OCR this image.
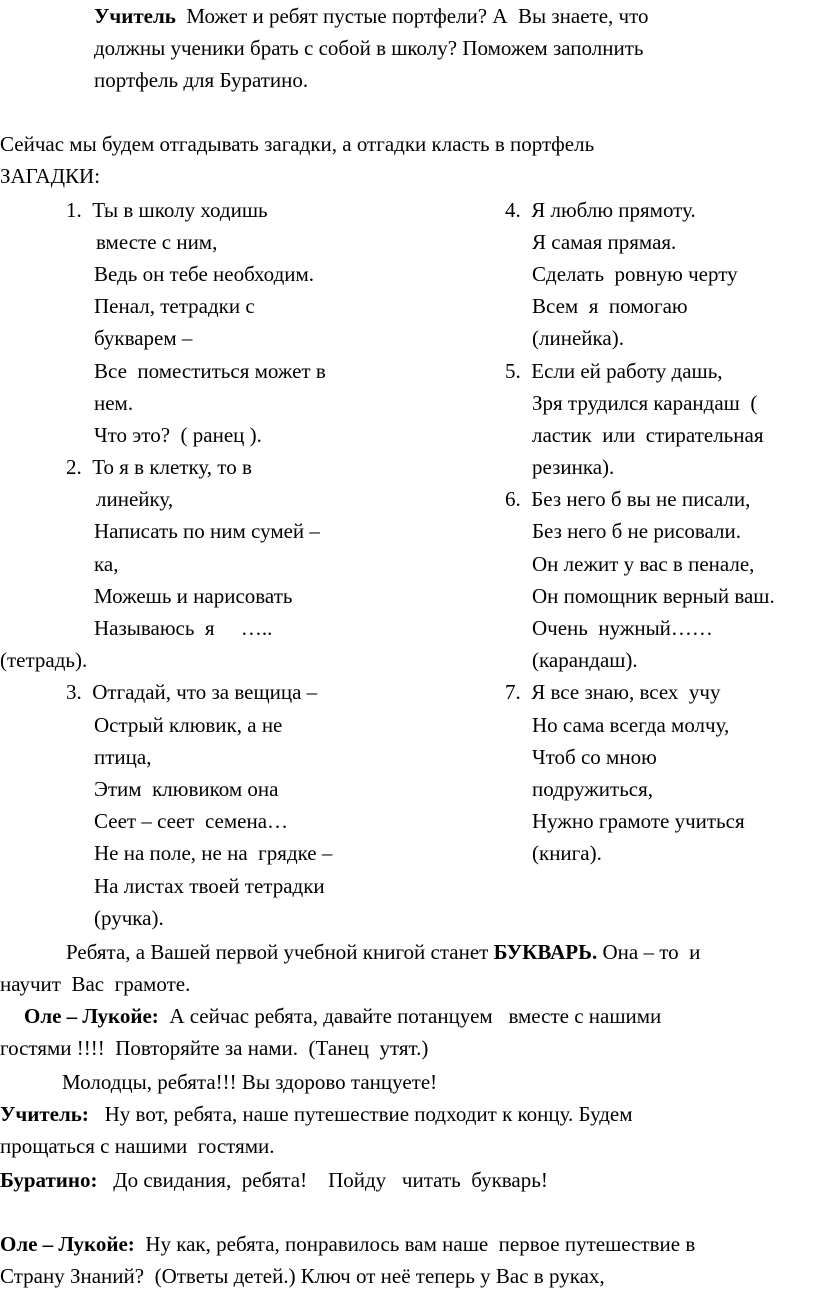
Учитель  Может и ребят пустые портфели? А  Вы знаете, что
должны ученики брать с собой в школу? Поможем заполнить
портфель для Буратино.
Сейчас мы будем отгадывать загадки, а отгадки класть в портфель
ЗАГАДКИ:
1.  Ты в школу ходишь
вместе с ним,
Ведь он тебе необходим.
Пенал, тетрадки с
букварем –
Все  поместиться может в
нем.
Что это?  ( ранец ).
2.  То я в клетку, то в
линейку,
Написать по ним сумей –
ка,
Можешь и нарисовать
Называюсь  я     …..
(тетрадь).
3.  Отгадай, что за вещица –
Острый клювик, а не
птица,
Этим  клювиком она
Сеет – сеет  семена…
Не на поле, не на  грядке –
На листах твоей тетрадки
(ручка).
4.  Я люблю прямоту.
Я самая прямая.
Сделать  ровную черту
Всем  я  помогаю
(линейка).
5.  Если ей работу дашь,
Зря трудился карандаш  (
ластик  или  стирательная
резинка).
6.  Без него б вы не писали,
Без него б не рисовали.
Он лежит у вас в пенале,
Он помощник верный ваш.
Очень  нужный……
(карандаш).
7.  Я все знаю, всех  учу
Но сама всегда молчу,
Чтоб со мною
подружиться,
Нужно грамоте учиться
(книга).
Ребята, а Вашей первой учебной книгой станет БУКВАРЬ. Она – то  и
научит  Вас  грамоте.
Оле – Лукойе:  А сейчас ребята, давайте потанцуем   вместе с нашими
гостями !!!!  Повторяйте за нами.  (Танец  утят.)
Молодцы, ребята!!! Вы здорово танцуете!
Учитель:   Ну вот, ребята, наше путешествие подходит к концу. Будем
прощаться с нашими  гостями.
Буратино:   До свидания,  ребята!    Пойду   читать  букварь!
Оле – Лукойе:  Ну как, ребята, понравилось вам наше  первое путешествие в
Страну Знаний?  (Ответы детей.) Ключ от неё теперь у Вас в руках,
